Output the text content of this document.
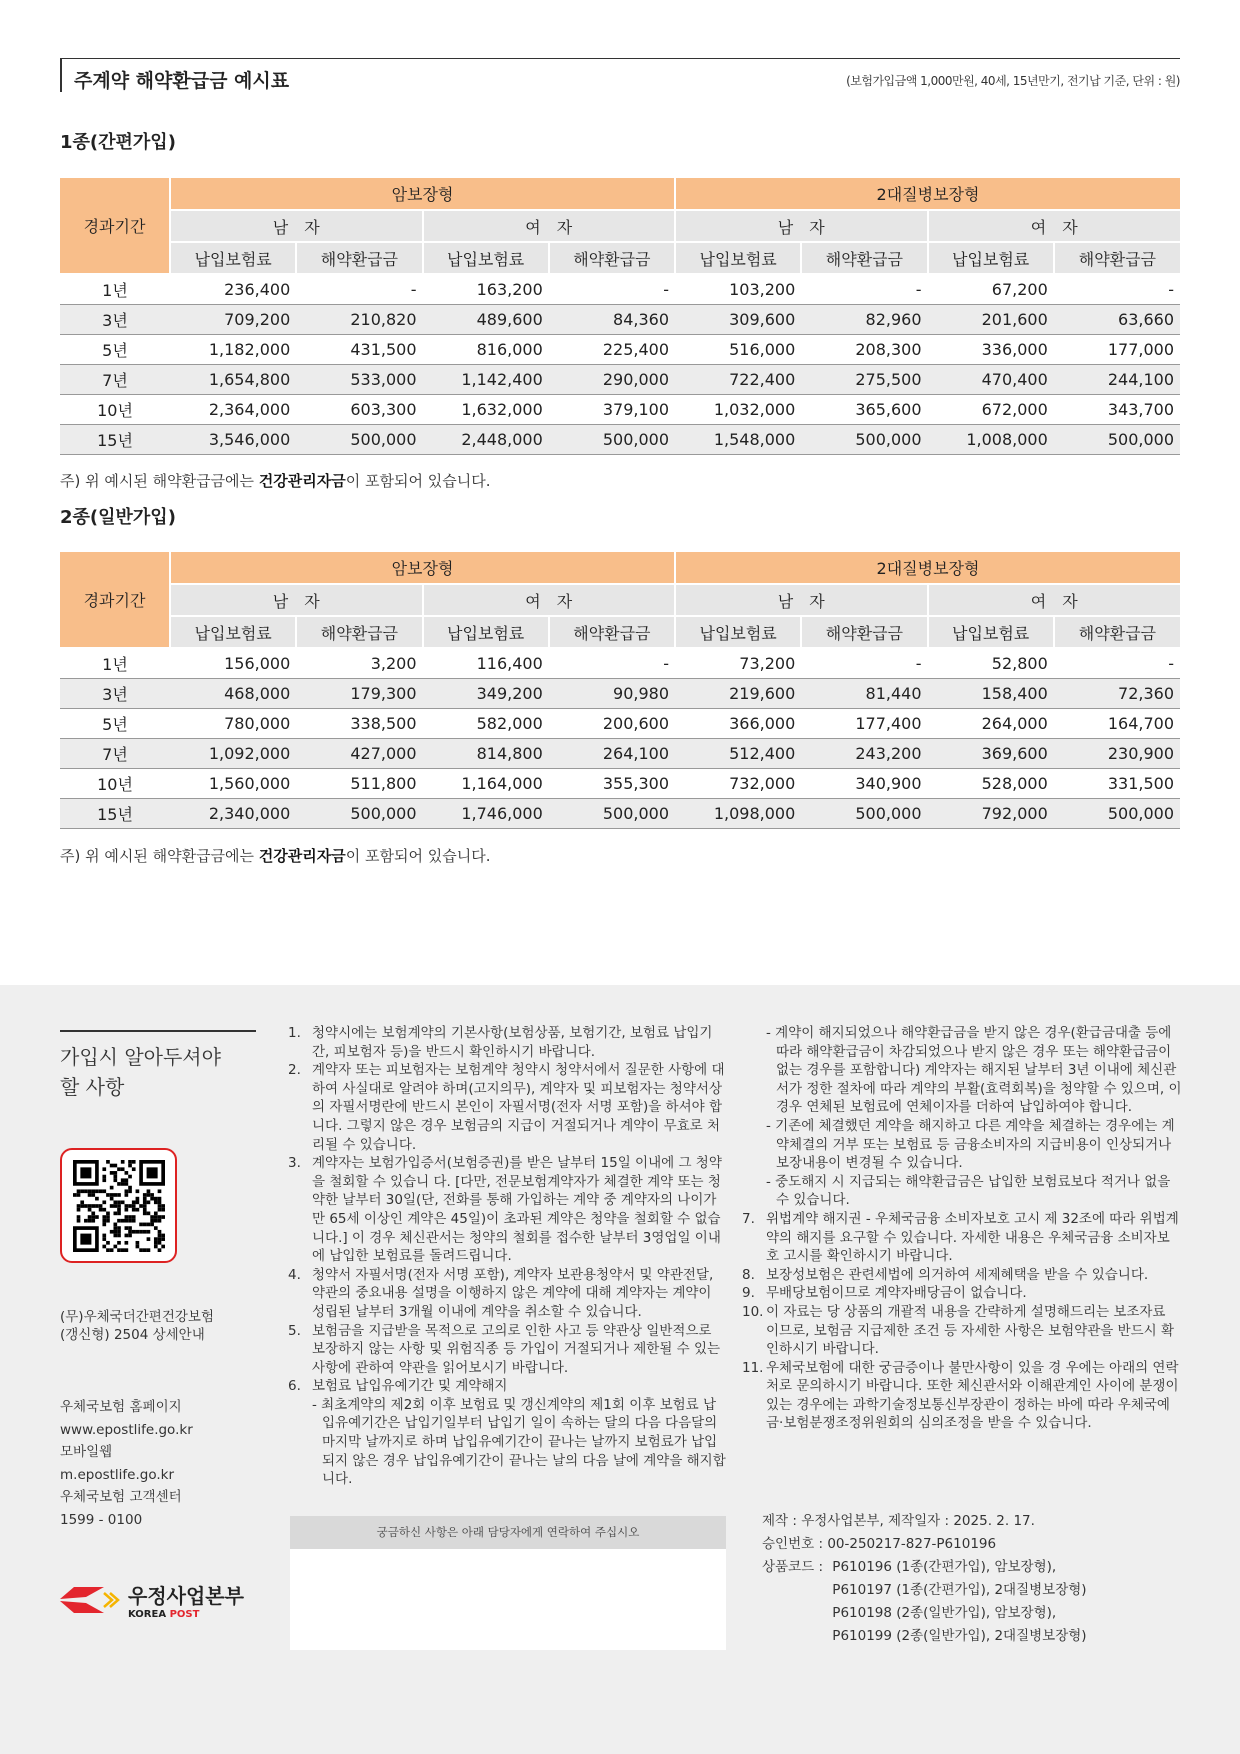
주계약 해약환급금 예시표	(보험가입금액 1,000만원, 40세, 15년만기, 전기납 기준, 단위 : 원)
1종(간편가입)
경과기간	암보장형				2대질병보장형			
	남　자		여　자		남　자		여　자	
	납입보험료	해약환급금	납입보험료	해약환급금	납입보험료	해약환급금	납입보험료	해약환급금
1년	236,400	-	163,200	-	103,200	-	67,200	-
3년	709,200	210,820	489,600	84,360	309,600	82,960	201,600	63,660
5년	1,182,000	431,500	816,000	225,400	516,000	208,300	336,000	177,000
7년	1,654,800	533,000	1,142,400	290,000	722,400	275,500	470,400	244,100
10년	2,364,000	603,300	1,632,000	379,100	1,032,000	365,600	672,000	343,700
15년	3,546,000	500,000	2,448,000	500,000	1,548,000	500,000	1,008,000	500,000
주) 위 예시된 해약환급금에는 건강관리자금이 포함되어 있습니다.
2종(일반가입)
경과기간	암보장형				2대질병보장형			
	남　자		여　자		남　자		여　자	
	납입보험료	해약환급금	납입보험료	해약환급금	납입보험료	해약환급금	납입보험료	해약환급금
1년	156,000	3,200	116,400	-	73,200	-	52,800	-
3년	468,000	179,300	349,200	90,980	219,600	81,440	158,400	72,360
5년	780,000	338,500	582,000	200,600	366,000	177,400	264,000	164,700
7년	1,092,000	427,000	814,800	264,100	512,400	243,200	369,600	230,900
10년	1,560,000	511,800	1,164,000	355,300	732,000	340,900	528,000	331,500
15년	2,340,000	500,000	1,746,000	500,000	1,098,000	500,000	792,000	500,000
주) 위 예시된 해약환급금에는 건강관리자금이 포함되어 있습니다.
가입시 알아두셔야
할 사항
(무)우체국더간편건강보험
(갱신형) 2504 상세안내
우체국보험 홈페이지
www.epostlife.go.kr
모바일웹
m.epostlife.go.kr
우체국보험 고객센터
1599 - 0100
우정사업본부
KOREA POST
1. 청약시에는 보험계약의 기본사항(보험상품, 보험기간, 보험료 납입기간, 피보험자 등)을 반드시 확인하시기 바랍니다.
2. 계약자 또는 피보험자는 보험계약 청약시 청약서에서 질문한 사항에 대하여 사실대로 알려야 하며(고지의무), 계약자 및 피보험자는 청약서상의 자필서명란에 반드시 본인이 자필서명(전자 서명 포함)을 하셔야 합니다. 그렇지 않은 경우 보험금의 지급이 거절되거나 계약이 무효로 처리될 수 있습니다.
3. 계약자는 보험가입증서(보험증권)를 받은 날부터 15일 이내에 그 청약을 철회할 수 있습니 다. [다만, 전문보험계약자가 체결한 계약 또는 청약한 날부터 30일(단, 전화를 통해 가입하는 계약 중 계약자의 나이가 만 65세 이상인 계약은 45일)이 초과된 계약은 청약을 철회할 수 없습니다.] 이 경우 체신관서는 청약의 철회를 접수한 날부터 3영업일 이내에 납입한 보험료를 돌려드립니다.
4. 청약서 자필서명(전자 서명 포함), 계약자 보관용청약서 및 약관전달, 약관의 중요내용 설명을 이행하지 않은 계약에 대해 계약자는 계약이 성립된 날부터 3개월 이내에 계약을 취소할 수 있습니다.
5. 보험금을 지급받을 목적으로 고의로 인한 사고 등 약관상 일반적으로 보장하지 않는 사항 및 위험직종 등 가입이 거절되거나 제한될 수 있는 사항에 관하여 약관을 읽어보시기 바랍니다.
6. 보험료 납입유예기간 및 계약해지
- 최초계약의 제2회 이후 보험료 및 갱신계약의 제1회 이후 보험료 납입유예기간은 납입기일부터 납입기 일이 속하는 달의 다음 다음달의 마지막 날까지로 하며 납입유예기간이 끝나는 날까지 보험료가 납입되지 않은 경우 납입유예기간이 끝나는 날의 다음 날에 계약을 해지합니다.
- 계약이 해지되었으나 해약환급금을 받지 않은 경우(환급금대출 등에 따라 해약환급금이 차감되었으나 받지 않은 경우 또는 해약환급금이 없는 경우를 포함합니다) 계약자는 해지된 날부터 3년 이내에 체신관서가 정한 절차에 따라 계약의 부활(효력회복)을 청약할 수 있으며, 이 경우 연체된 보험료에 연체이자를 더하여 납입하여야 합니다.
- 기존에 체결했던 계약을 해지하고 다른 계약을 체결하는 경우에는 계약체결의 거부 또는 보험료 등 금융소비자의 지급비용이 인상되거나 보장내용이 변경될 수 있습니다.
- 중도해지 시 지급되는 해약환급금은 납입한 보험료보다 적거나 없을 수 있습니다.
7. 위법계약 해지권 - 우체국금융 소비자보호 고시 제 32조에 따라 위법계약의 해지를 요구할 수 있습니다. 자세한 내용은 우체국금융 소비자보호 고시를 확인하시기 바랍니다.
8. 보장성보험은 관련세법에 의거하여 세제혜택을 받을 수 있습니다.
9. 무배당보험이므로 계약자배당금이 없습니다.
10. 이 자료는 당 상품의 개괄적 내용을 간략하게 설명해드리는 보조자료 이므로, 보험금 지급제한 조건 등 자세한 사항은 보험약관을 반드시 확인하시기 바랍니다.
11. 우체국보험에 대한 궁금증이나 불만사항이 있을 경 우에는 아래의 연락처로 문의하시기 바랍니다. 또한 체신관서와 이해관계인 사이에 분쟁이 있는 경우에는 과학기술정보통신부장관이 정하는 바에 따라 우체국예금·보험분쟁조정위원회의 심의조정을 받을 수 있습니다.
궁금하신 사항은 아래 담당자에게 연락하여 주십시오
제작 :
우정사업본부, 제작일자 : 2025. 2. 17.
승인번호 :
00-250217-827-P610196
상품코드 :
P610196 (1종(간편가입), 암보장형),
P610197 (1종(간편가입), 2대질병보장형)
P610198 (2종(일반가입), 암보장형),
P610199 (2종(일반가입), 2대질병보장형)
